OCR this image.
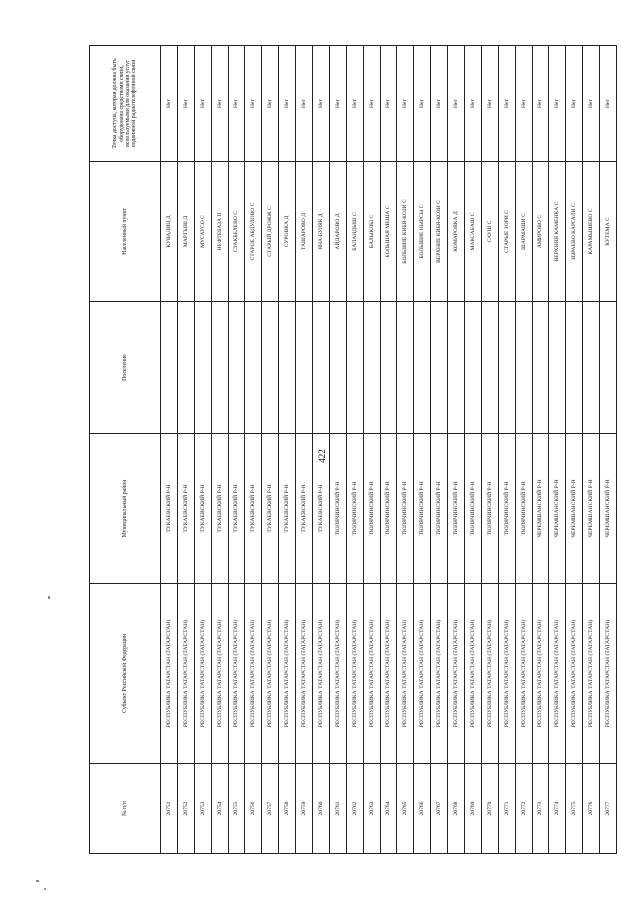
422
№ п/п	Субъект Российской Федерации	Муниципальный район	Поселение	Населенный пункт	Точка доступа, которая должна быть оборудована средствами связи, используемыми для оказания услуг подвижной радиотелефонной связи
20751	РЕСПУБЛИКА ТАТАРСТАН (ТАТАРСТАН)	ТУКАЕВСКИЙ Р-Н		КУВАДИЦ Д	Нет
20752	РЕСПУБЛИКА ТАТАРСТАН (ТАТАРСТАН)	ТУКАЕВСКИЙ Р-Н		МАРТЫШ Д	Нет
20753	РЕСПУБЛИКА ТАТАРСТАН (ТАТАРСТАН)	ТУКАЕВСКИЙ Р-Н		МУСАУСО С	Нет
20754	РЕСПУБЛИКА ТАТАРСТАН (ТАТАРСТАН)	ТУКАЕВСКИЙ Р-Н		НЕФТЕБАЗА П	Нет
20755	РЕСПУБЛИКА ТАТАРСТАН (ТАТАРСТАН)	ТУКАЕВСКИЙ Р-Н		СУАКБЕЛЕВО С	Нет
20756	РЕСПУБЛИКА ТАТАРСТАН (ТАТАРСТАН)	ТУКАЕВСКИЙ Р-Н		СТАРОЕ АБДУЛОВО С	Нет
20757	РЕСПУБЛИКА ТАТАРСТАН (ТАТАРСТАН)	ТУКАЕВСКИЙ Р-Н		СТАРЫЙ ДРОЖЖ С	Нет
20758	РЕСПУБЛИКА ТАТАРСТАН (ТАТАРСТАН)	ТУКАЕВСКИЙ Р-Н		СУРОВКА Д	Нет
20759	РЕСПУБЛИКА ТАТАРСТАН (ТАТАРСТАН)	ТУКАЕВСКИЙ Р-Н		ТАШАРОВО Д	Нет
20760	РЕСПУБЛИКА ТАТАРСТАН (ТАТАРСТАН)	ТУКАЕВСКИЙ Р-Н		ЯНА-БУЛЯК Д	Нет
20761	РЕСПУБЛИКА ТАТАРСТАН (ТАТАРСТАН)	ТЮЛЯЧИНСКИЙ Р-Н		АЙДАРОВО Д	Нет
20762	РЕСПУБЛИКА ТАТАРСТАН (ТАТАРСТАН)	ТЮЛЯЧИНСКИЙ Р-Н		БАЛАНДЫШ С	Нет
20763	РЕСПУБЛИКА ТАТАРСТАН (ТАТАРСТАН)	ТЮЛЯЧИНСКИЙ Р-Н		БАЛЫКЛЫ С	Нет
20764	РЕСПУБЛИКА ТАТАРСТАН (ТАТАРСТАН)	ТЮЛЯЧИНСКИЙ Р-Н		БОЛЬШАЯ МЕША С	Нет
20765	РЕСПУБЛИКА ТАТАРСТАН (ТАТАРСТАН)	ТЮЛЯЧИНСКИЙ Р-Н		БОЛЬШИЕ КИБЯ-КОЗИ С	Нет
20766	РЕСПУБЛИКА ТАТАРСТАН (ТАТАРСТАН)	ТЮЛЯЧИНСКИЙ Р-Н		БОЛЬШИЕ НЫРСЫ С	Нет
20767	РЕСПУБЛИКА ТАТАРСТАН (ТАТАРСТАН)	ТЮЛЯЧИНСКИЙ Р-Н		ВЕРХНИЕ КИБЯ-КОЗИ С	Нет
20768	РЕСПУБЛИКА ТАТАРСТАН (ТАТАРСТАН)	ТЮЛЯЧИНСКИЙ Р-Н		КОМАРОВКА Д	Нет
20769	РЕСПУБЛИКА ТАТАРСТАН (ТАТАРСТАН)	ТЮЛЯЧИНСКИЙ Р-Н		МАКСАБАШ С	Нет
20770	РЕСПУБЛИКА ТАТАРСТАН (ТАТАРСТАН)	ТЮЛЯЧИНСКИЙ Р-Н		САУШ С	Нет
20771	РЕСПУБЛИКА ТАТАРСТАН (ТАТАРСТАН)	ТЮЛЯЧИНСКИЙ Р-Н		СТАРЫЕ ЗОРИ С	Нет
20772	РЕСПУБЛИКА ТАТАРСТАН (ТАТАРСТАН)	ТЮЛЯЧИНСКИЙ Р-Н		ШАРМАШИ С	Нет
20773	РЕСПУБЛИКА ТАТАРСТАН (ТАТАРСТАН)	ЧЕРЕМШАНСКИЙ Р-Н		АМИРОВО С	Нет
20774	РЕСПУБЛИКА ТАТАРСТАН (ТАТАРСТАН)	ЧЕРЕМШАНСКИЙ Р-Н		ВЕРХНЯЯ КАМЕНКА С	Нет
20775	РЕСПУБЛИКА ТАТАРСТАН (ТАТАРСТАН)	ЧЕРЕМШАНСКИЙ Р-Н		ИЗРАЕВО КАРГАЛИ С	Нет
20776	РЕСПУБЛИКА ТАТАРСТАН (ТАТАРСТАН)	ЧЕРЕМШАНСКИЙ Р-Н		КАРАМЫШЕВО С	Нет
20777	РЕСПУБЛИКА ТАТАРСТАН (ТАТАРСТАН)	ЧЕРЕМШАНСКИЙ Р-Н		КУТЕМА С	Нет
